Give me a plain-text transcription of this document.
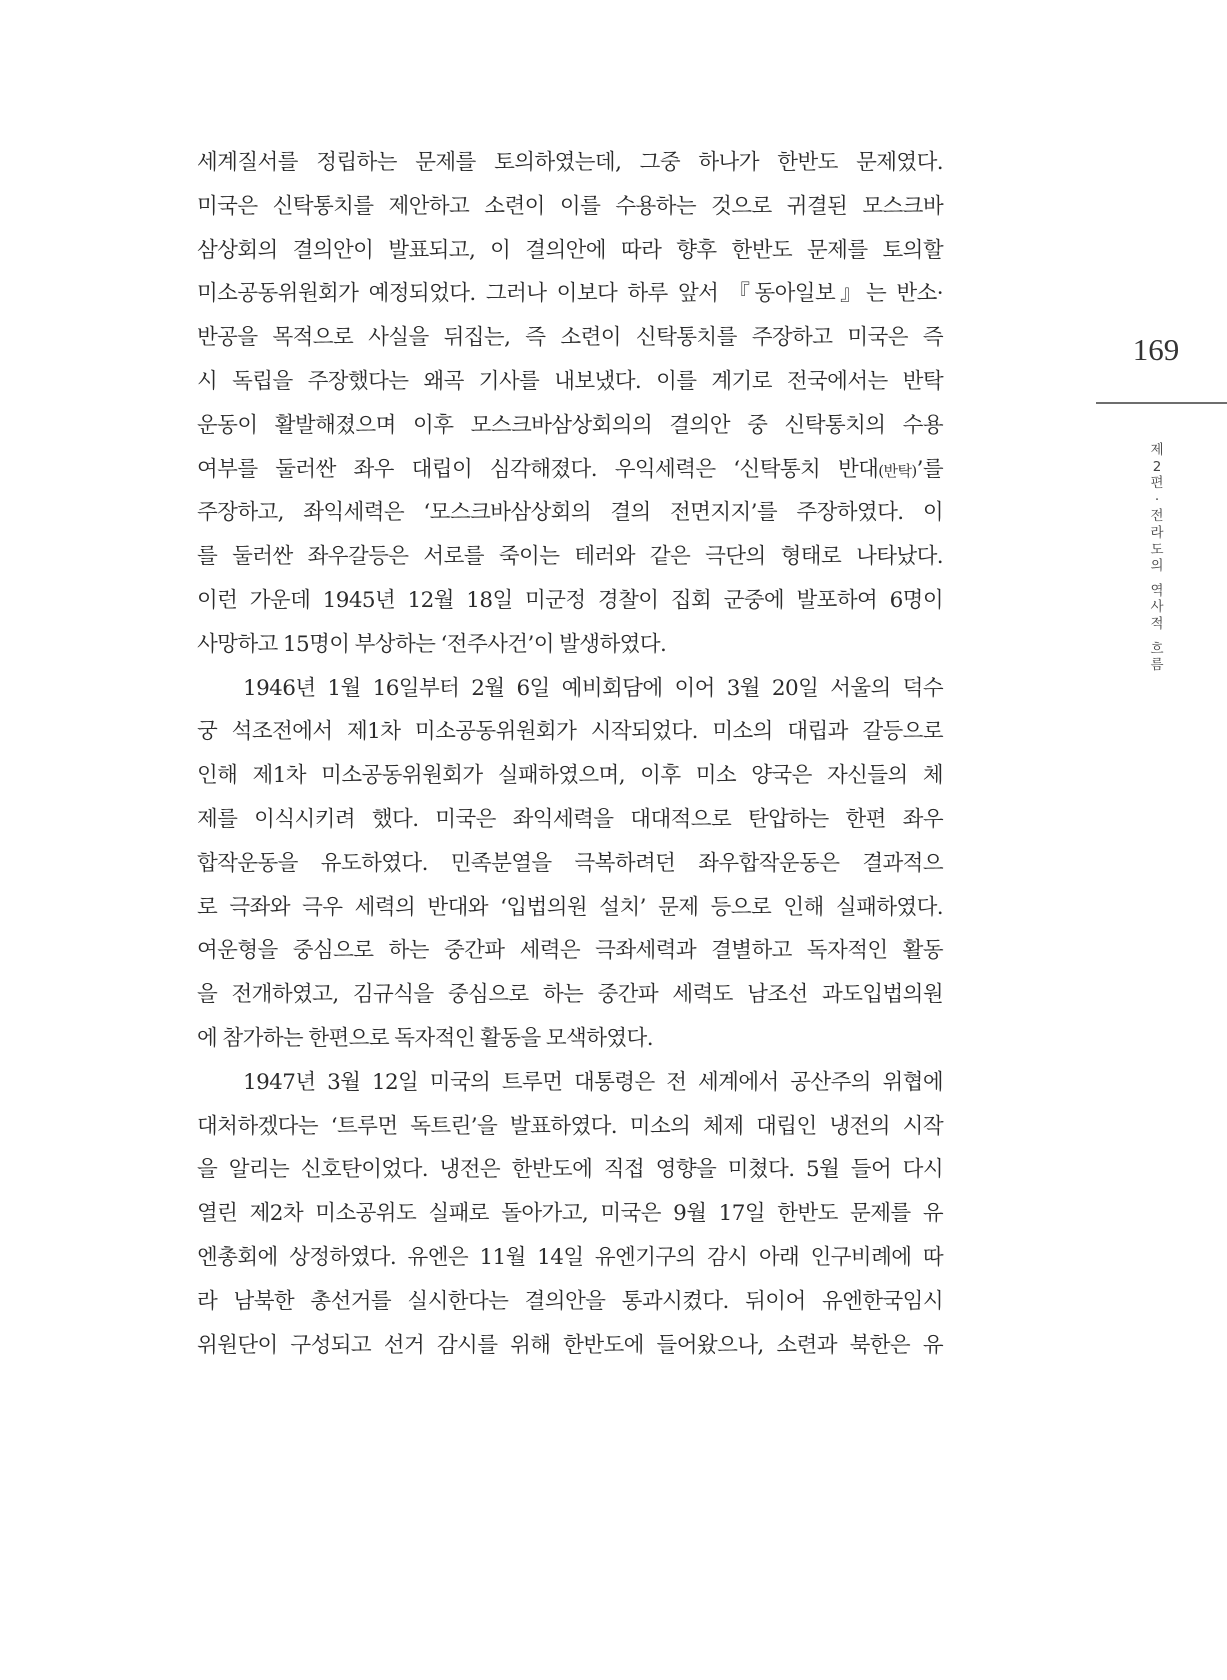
세계질서를 정립하는 문제를 토의하였는데, 그중 하나가 한반도 문제였다.
미국은 신탁통치를 제안하고 소련이 이를 수용하는 것으로 귀결된 모스크바
삼상회의 결의안이 발표되고, 이 결의안에 따라 향후 한반도 문제를 토의할
미소공동위원회가 예정되었다. 그러나 이보다 하루 앞서 『동아일보』는 반소·
반공을 목적으로 사실을 뒤집는, 즉 소련이 신탁통치를 주장하고 미국은 즉
시 독립을 주장했다는 왜곡 기사를 내보냈다. 이를 계기로 전국에서는 반탁
운동이 활발해졌으며 이후 모스크바삼상회의의 결의안 중 신탁통치의 수용
여부를 둘러싼 좌우 대립이 심각해졌다. 우익세력은 ‘신탁통치 반대(반탁)’를
주장하고, 좌익세력은 ‘모스크바삼상회의 결의 전면지지’를 주장하였다. 이
를 둘러싼 좌우갈등은 서로를 죽이는 테러와 같은 극단의 형태로 나타났다.
이런 가운데 1945년 12월 18일 미군정 경찰이 집회 군중에 발포하여 6명이
사망하고 15명이 부상하는 ‘전주사건’이 발생하였다.
1946년 1월 16일부터 2월 6일 예비회담에 이어 3월 20일 서울의 덕수
궁 석조전에서 제1차 미소공동위원회가 시작되었다. 미소의 대립과 갈등으로
인해 제1차 미소공동위원회가 실패하였으며, 이후 미소 양국은 자신들의 체
제를 이식시키려 했다. 미국은 좌익세력을 대대적으로 탄압하는 한편 좌우
합작운동을 유도하였다. 민족분열을 극복하려던 좌우합작운동은 결과적으
로 극좌와 극우 세력의 반대와 ‘입법의원 설치’ 문제 등으로 인해 실패하였다.
여운형을 중심으로 하는 중간파 세력은 극좌세력과 결별하고 독자적인 활동
을 전개하였고, 김규식을 중심으로 하는 중간파 세력도 남조선 과도입법의원
에 참가하는 한편으로 독자적인 활동을 모색하였다.
1947년 3월 12일 미국의 트루먼 대통령은 전 세계에서 공산주의 위협에
대처하겠다는 ‘트루먼 독트린’을 발표하였다. 미소의 체제 대립인 냉전의 시작
을 알리는 신호탄이었다. 냉전은 한반도에 직접 영향을 미쳤다. 5월 들어 다시
열린 제2차 미소공위도 실패로 돌아가고, 미국은 9월 17일 한반도 문제를 유
엔총회에 상정하였다. 유엔은 11월 14일 유엔기구의 감시 아래 인구비례에 따
라 남북한 총선거를 실시한다는 결의안을 통과시켰다. 뒤이어 유엔한국임시
위원단이 구성되고 선거 감시를 위해 한반도에 들어왔으나, 소련과 북한은 유
169
제
2
편
·
전
라
도
의
역
사
적
흐
름
